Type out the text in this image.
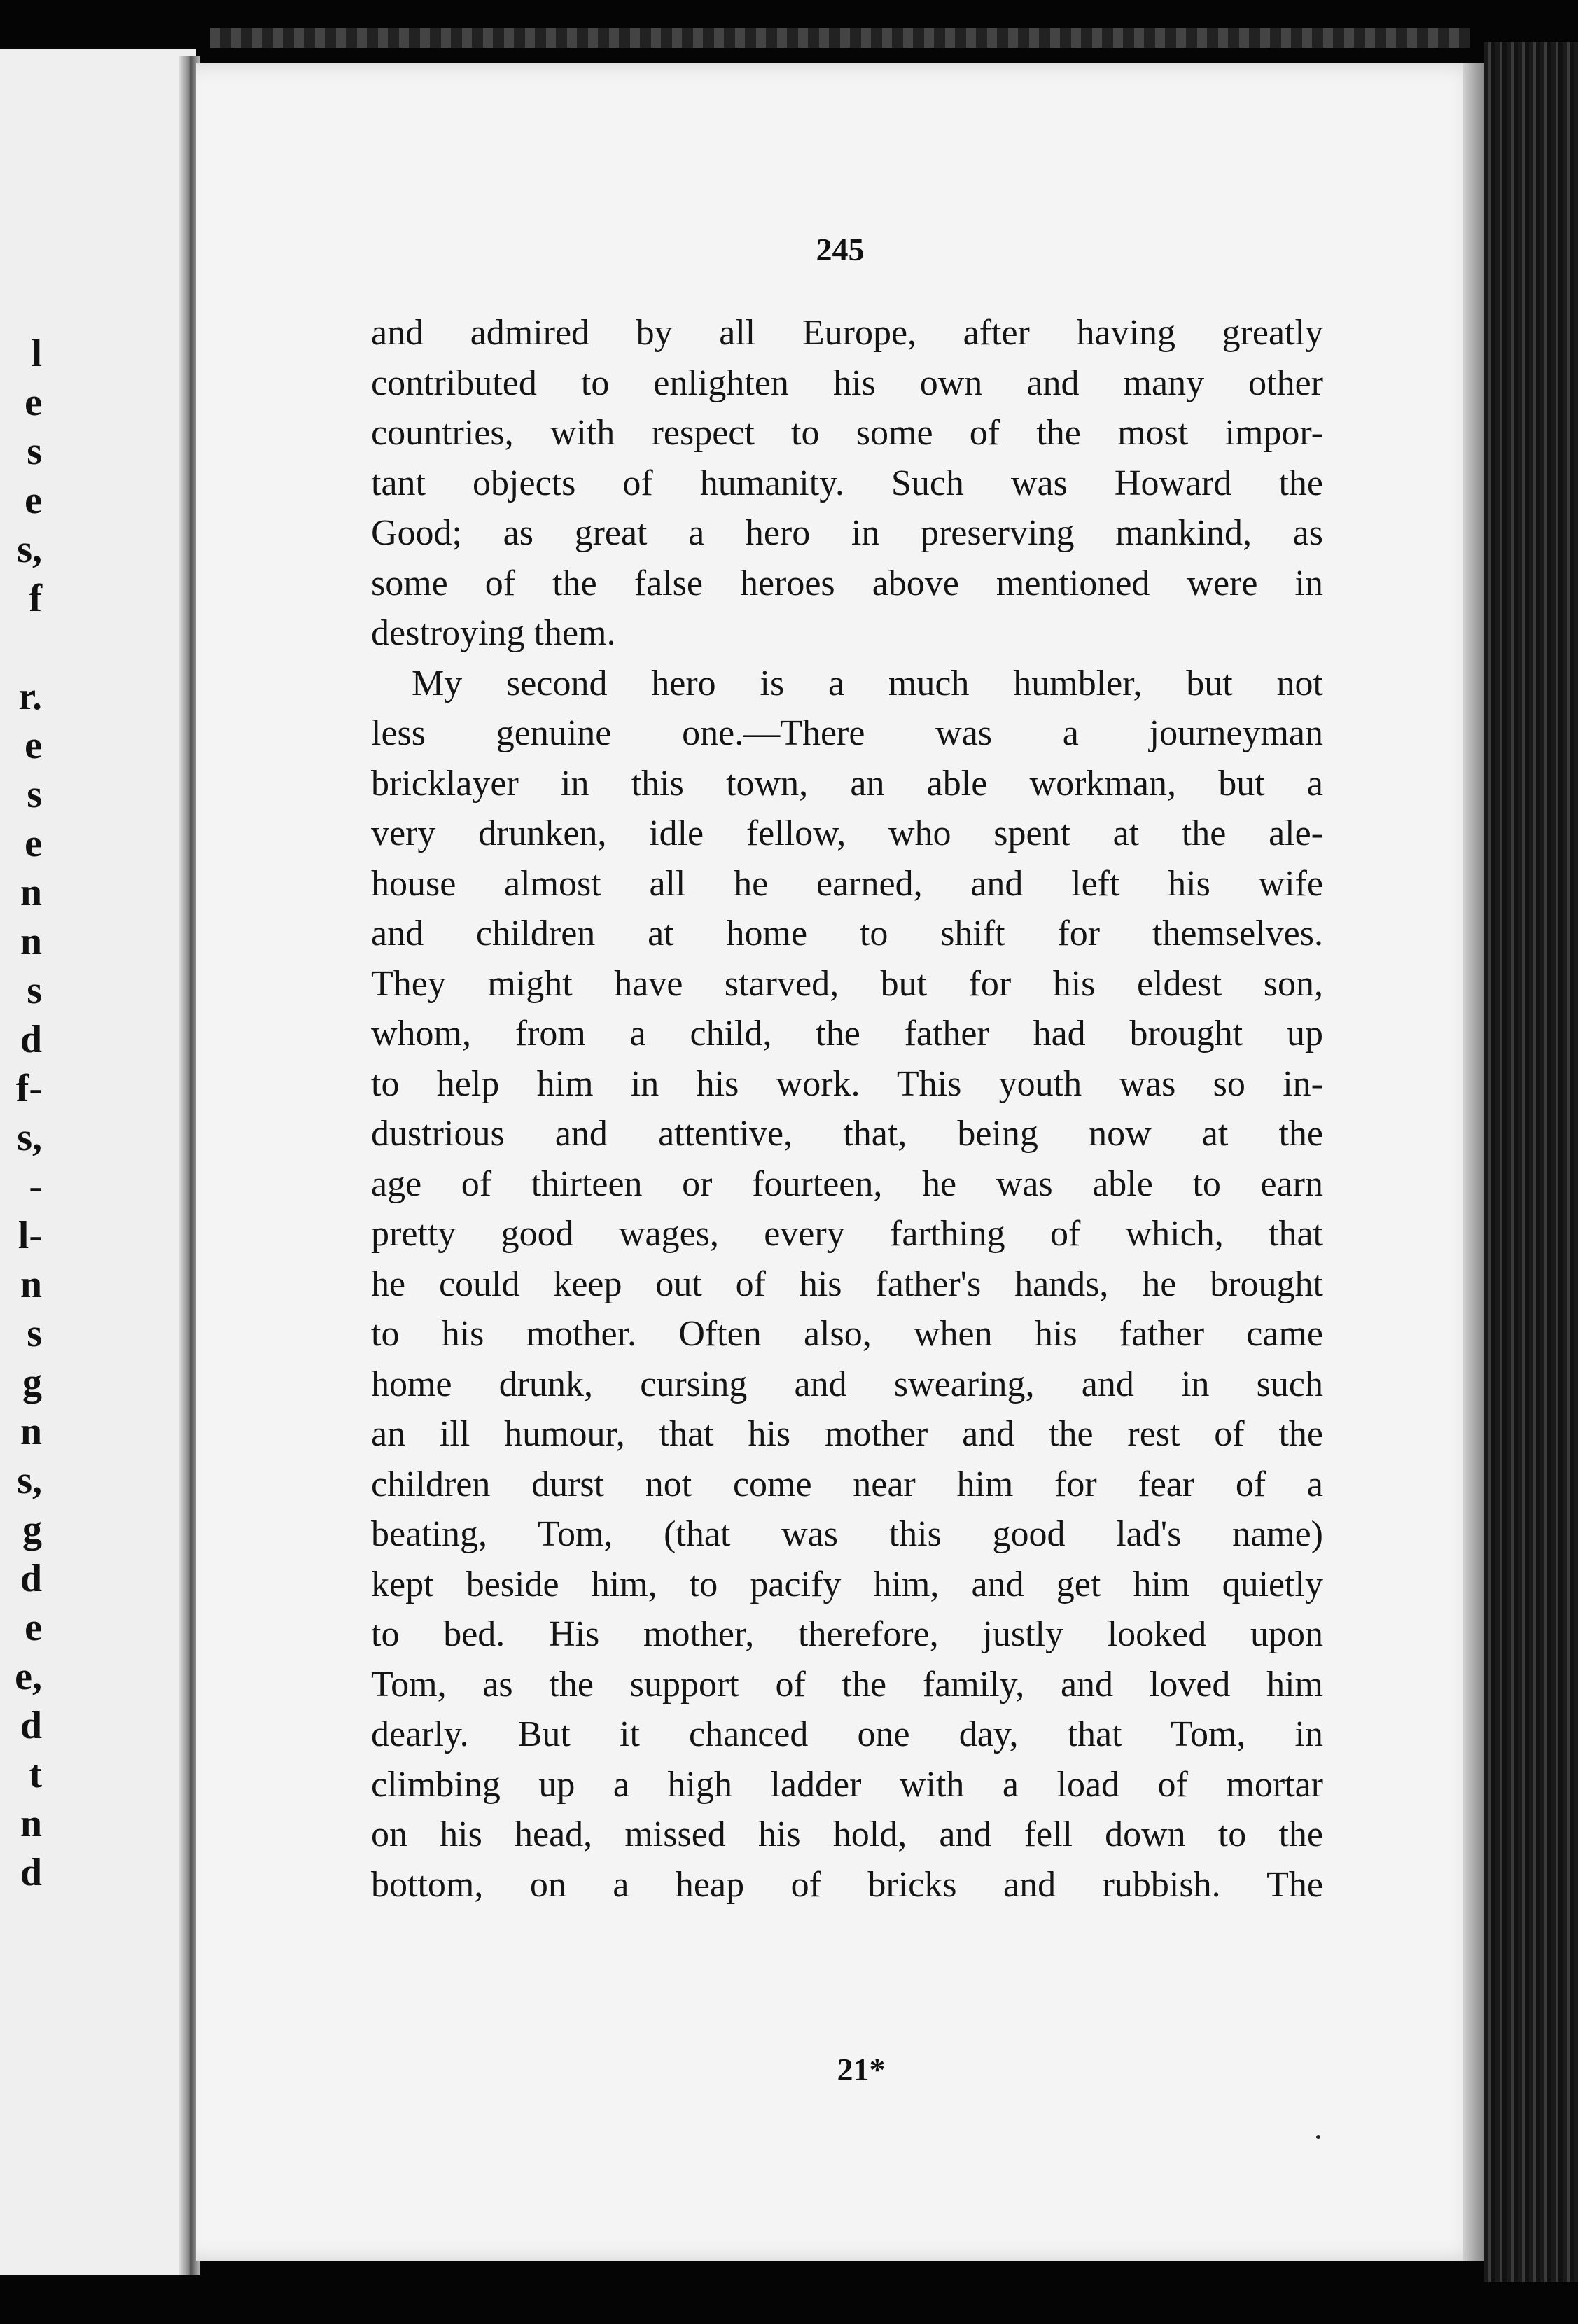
l
e
s
e
s,
f
r.
e
s
e
n
n
s
d
f-
s,
-
l-
n
s
g
n
s,
g
d
e
e,
d
t
n
d
245
and admired by all Europe, after having greatly
contributed to enlighten his own and many other
countries, with respect to some of the most impor-
tant objects of humanity. Such was Howard the
Good; as great a hero in preserving mankind, as
some of the false heroes above mentioned were in
destroying them.
My second hero is a much humbler, but not
less genuine one.—There was a journeyman
bricklayer in this town, an able workman, but a
very drunken, idle fellow, who spent at the ale-
house almost all he earned, and left his wife
and children at home to shift for themselves.
They might have starved, but for his eldest son,
whom, from a child, the father had brought up
to help him in his work. This youth was so in-
dustrious and attentive, that, being now at the
age of thirteen or fourteen, he was able to earn
pretty good wages, every farthing of which, that
he could keep out of his father's hands, he brought
to his mother. Often also, when his father came
home drunk, cursing and swearing, and in such
an ill humour, that his mother and the rest of the
children durst not come near him for fear of a
beating, Tom, (that was this good lad's name)
kept beside him, to pacify him, and get him quietly
to bed. His mother, therefore, justly looked upon
Tom, as the support of the family, and loved him
dearly. But it chanced one day, that Tom, in
climbing up a high ladder with a load of mortar
on his head, missed his hold, and fell down to the
bottom, on a heap of bricks and rubbish. The
21*
